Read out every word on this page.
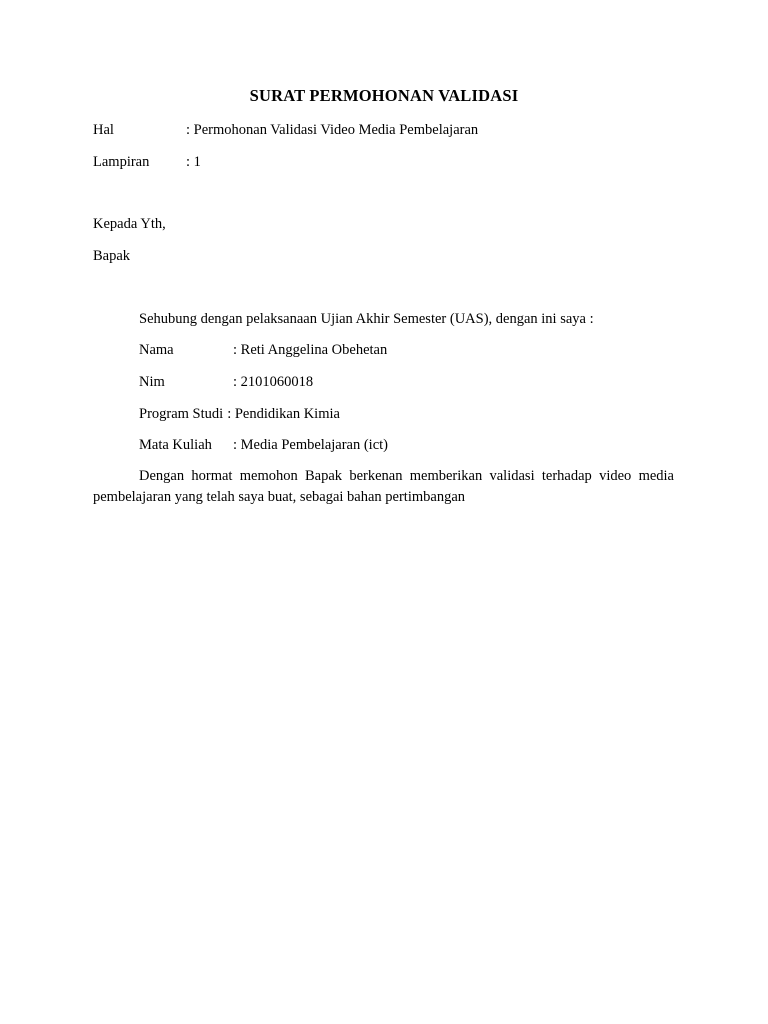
SURAT PERMOHONAN VALIDASI
Hal	: Permohonan Validasi Video Media Pembelajaran
Lampiran	: 1
Kepada Yth,
Bapak
Sehubung dengan pelaksanaan Ujian Akhir Semester (UAS), dengan ini saya :
Nama	: Reti Anggelina Obehetan
Nim	: 2101060018
Program Studi : Pendidikan Kimia
Mata Kuliah : Media Pembelajaran (ict)
Dengan hormat memohon Bapak berkenan memberikan validasi terhadap video media pembelajaran yang telah saya buat, sebagai bahan pertimbangan
